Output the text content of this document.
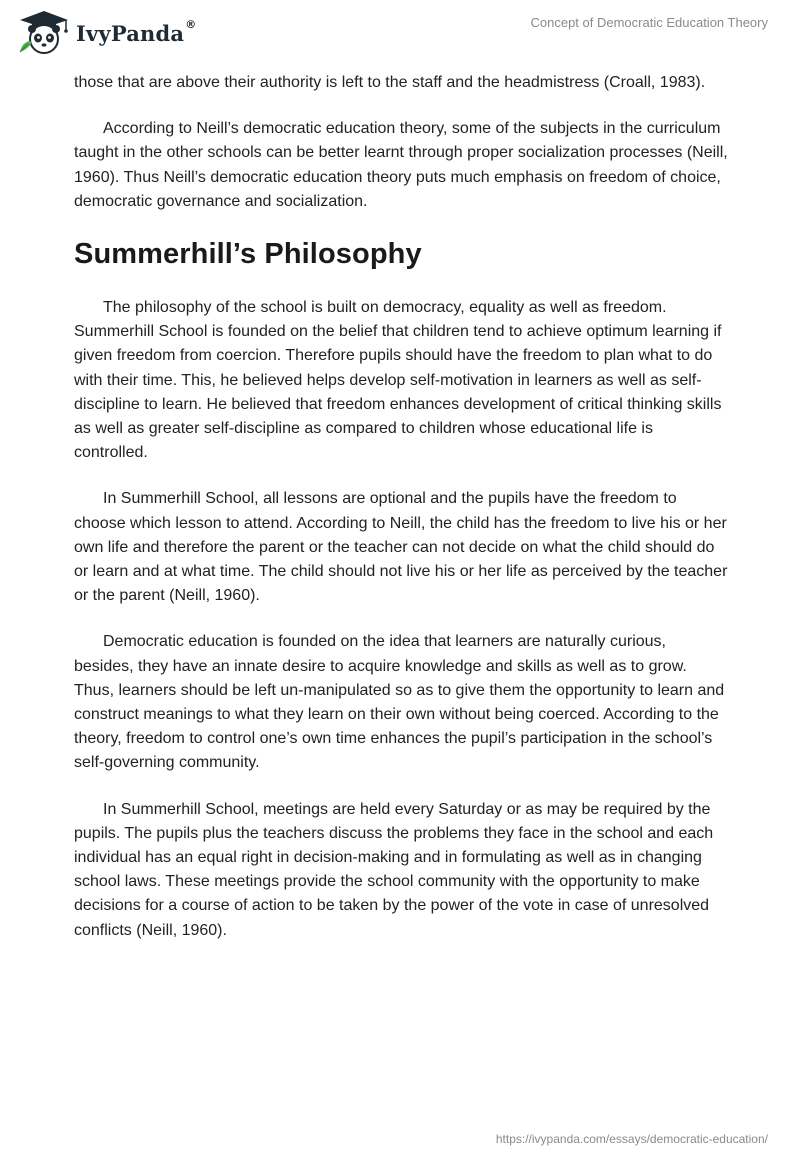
IvyPanda®	Concept of Democratic Education Theory

those that are above their authority is left to the staff and the headmistress (Croall, 1983).

According to Neill’s democratic education theory, some of the subjects in the curriculum taught in the other schools can be better learnt through proper socialization processes (Neill, 1960). Thus Neill’s democratic education theory puts much emphasis on freedom of choice, democratic governance and socialization.

Summerhill’s Philosophy

The philosophy of the school is built on democracy, equality as well as freedom. Summerhill School is founded on the belief that children tend to achieve optimum learning if given freedom from coercion. Therefore pupils should have the freedom to plan what to do with their time. This, he believed helps develop self-motivation in learners as well as self- discipline to learn. He believed that freedom enhances development of critical thinking skills as well as greater self-discipline as compared to children whose educational life is controlled.

In Summerhill School, all lessons are optional and the pupils have the freedom to choose which lesson to attend. According to Neill, the child has the freedom to live his or her own life and therefore the parent or the teacher can not decide on what the child should do or learn and at what time. The child should not live his or her life as perceived by the teacher or the parent (Neill, 1960).

Democratic education is founded on the idea that learners are naturally curious, besides, they have an innate desire to acquire knowledge and skills as well as to grow. Thus, learners should be left un-manipulated so as to give them the opportunity to learn and construct meanings to what they learn on their own without being coerced. According to the theory, freedom to control one’s own time enhances the pupil’s participation in the school’s self-governing community.

In Summerhill School, meetings are held every Saturday or as may be required by the pupils. The pupils plus the teachers discuss the problems they face in the school and each individual has an equal right in decision-making and in formulating as well as in changing school laws. These meetings provide the school community with the opportunity to make decisions for a course of action to be taken by the power of the vote in case of unresolved conflicts (Neill, 1960).

https://ivypanda.com/essays/democratic-education/
